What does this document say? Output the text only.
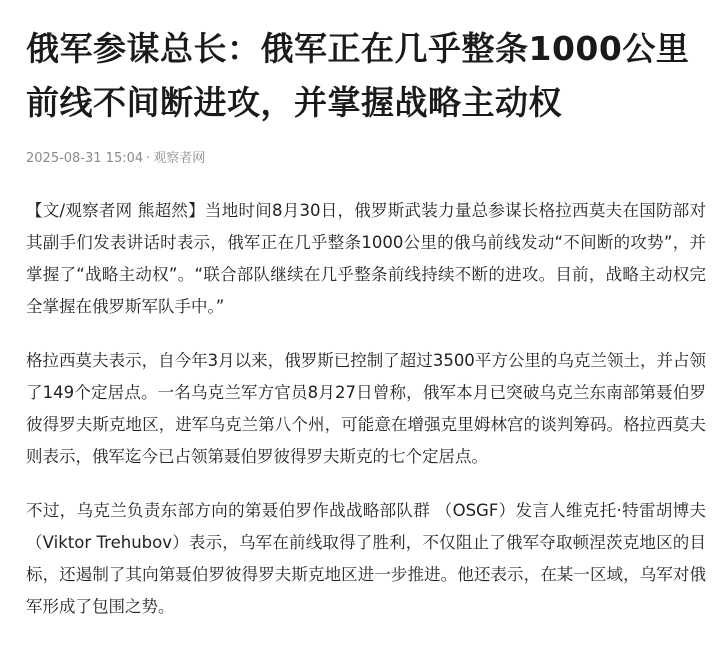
俄军参谋总长：俄军正在几乎整条1000公里前线不间断进攻，并掌握战略主动权
2025-08-31 15:04 · 观察者网

【文/观察者网 熊超然】当地时间8月30日，俄罗斯武装力量总参谋长格拉西莫夫在国防部对其副手们发表讲话时表示，俄军正在几乎整条1000公里的俄乌前线发动“不间断的攻势”，并掌握了“战略主动权”。“联合部队继续在几乎整条前线持续不断的进攻。目前，战略主动权完全掌握在俄罗斯军队手中。”

格拉西莫夫表示，自今年3月以来，俄罗斯已控制了超过3500平方公里的乌克兰领土，并占领了149个定居点。一名乌克兰军方官员8月27日曾称，俄军本月已突破乌克兰东南部第聂伯罗彼得罗夫斯克地区，进军乌克兰第八个州，可能意在增强克里姆林宫的谈判筹码。格拉西莫夫则表示，俄军迄今已占领第聂伯罗彼得罗夫斯克的七个定居点。

不过，乌克兰负责东部方向的第聂伯罗作战战略部队群 （OSGF）发言人维克托·特雷胡博夫（Viktor Trehubov）表示，乌军在前线取得了胜利，不仅阻止了俄军夺取顿涅茨克地区的目标，还遏制了其向第聂伯罗彼得罗夫斯克地区进一步推进。他还表示，在某一区域，乌军对俄军形成了包围之势。
